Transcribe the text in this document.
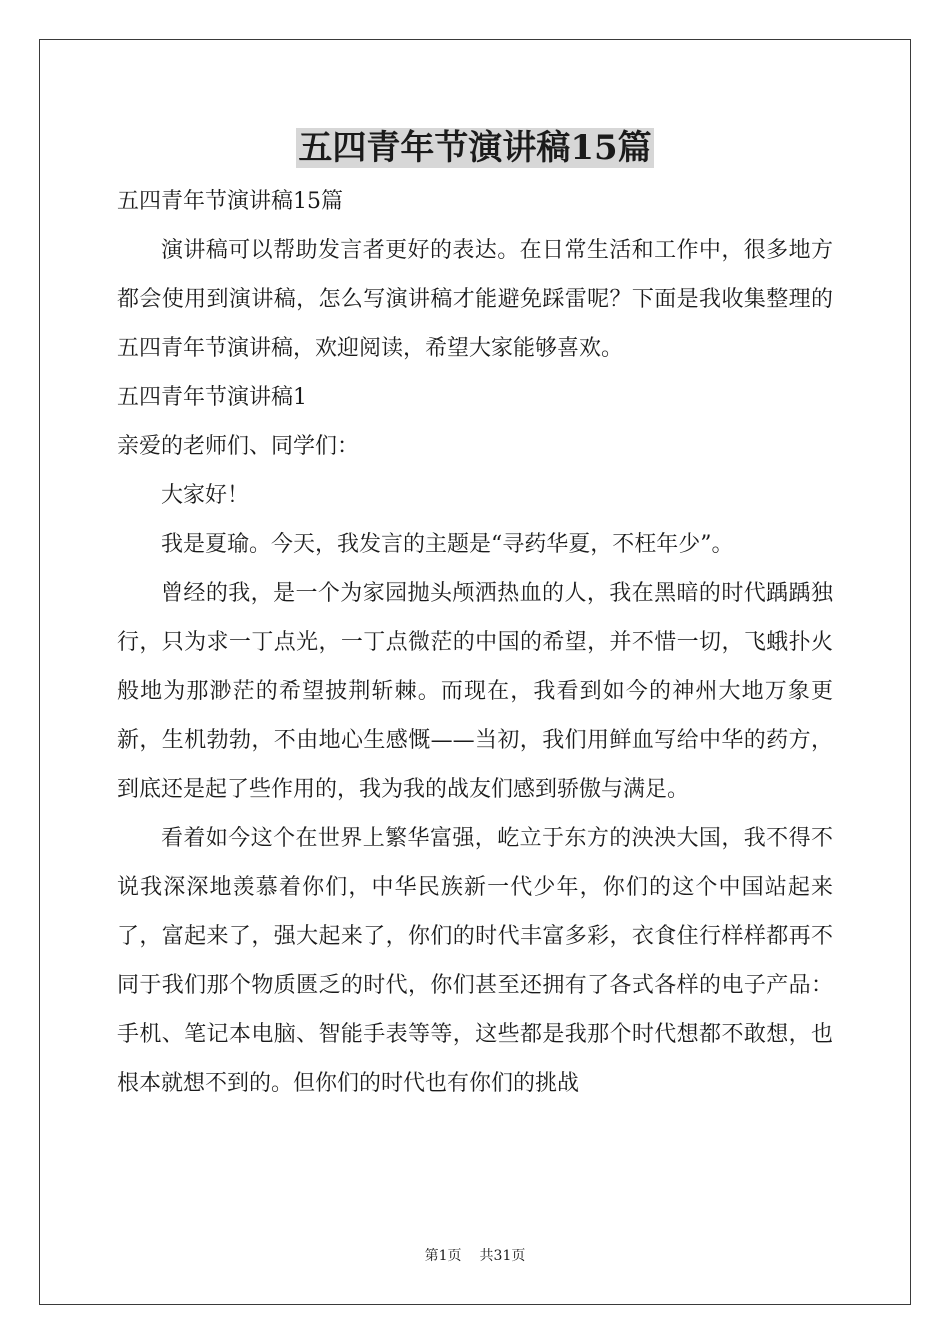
五四青年节演讲稿15篇

五四青年节演讲稿15篇

演讲稿可以帮助发言者更好的表达。在日常生活和工作中，很多地方都会使用到演讲稿，怎么写演讲稿才能避免踩雷呢？下面是我收集整理的五四青年节演讲稿，欢迎阅读，希望大家能够喜欢。

五四青年节演讲稿1

亲爱的老师们、同学们：

大家好！

我是夏瑜。今天，我发言的主题是“寻药华夏，不枉年少”。

曾经的我，是一个为家园抛头颅洒热血的人，我在黑暗的时代踽踽独行，只为求一丁点光，一丁点微茫的中国的希望，并不惜一切，飞蛾扑火般地为那渺茫的希望披荆斩棘。而现在，我看到如今的神州大地万象更新，生机勃勃，不由地心生感慨——当初，我们用鲜血写给中华的药方，到底还是起了些作用的，我为我的战友们感到骄傲与满足。

看着如今这个在世界上繁华富强，屹立于东方的泱泱大国，我不得不说我深深地羡慕着你们，中华民族新一代少年，你们的这个中国站起来了，富起来了，强大起来了，你们的时代丰富多彩，衣食住行样样都再不同于我们那个物质匮乏的时代，你们甚至还拥有了各式各样的电子产品：手机、笔记本电脑、智能手表等等，这些都是我那个时代想都不敢想，也根本就想不到的。但你们的时代也有你们的挑战

第1页 共31页
